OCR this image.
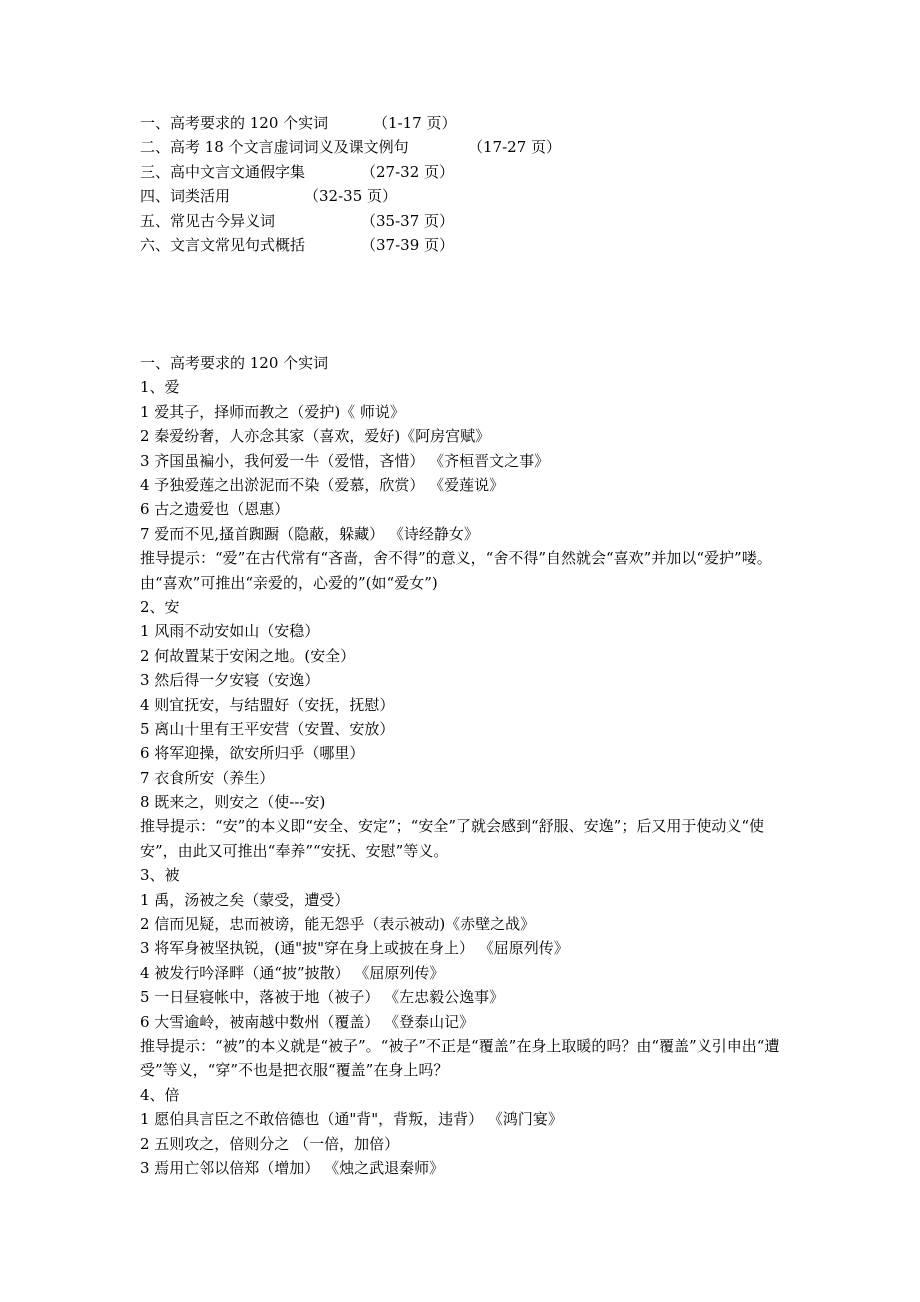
一、高考要求的 120 个实词	（1-17 页）
二、高考 18 个文言虚词词义及课文例句	（17-27 页）
三、高中文言文通假字集	（27-32 页）
四、词类活用	（32-35 页）
五、常见古今异义词	（35-37 页）
六、文言文常见句式概括	（37-39 页）
一、高考要求的 120 个实词
1、爱
1 爱其子，择师而教之（爱护)《 师说》
2 秦爱纷奢，人亦念其家（喜欢，爱好)《阿房宫赋》
3 齐国虽褊小，我何爱一牛（爱惜，吝惜） 《齐桓晋文之事》
4 予独爱莲之出淤泥而不染（爱慕，欣赏） 《爱莲说》
6 古之遗爱也（恩惠）
7 爱而不见,搔首踟蹰（隐蔽，躲藏） 《诗经静女》
推导提示：“爱”在古代常有“吝啬，舍不得”的意义，“舍不得”自然就会“喜欢”并加以“爱护”喽。由“喜欢”可推出“亲爱的，心爱的”(如“爱女”)
2、安
1 风雨不动安如山（安稳）
2 何故置某于安闲之地。(安全）
3 然后得一夕安寝（安逸）
4 则宜抚安，与结盟好（安抚，抚慰）
5 离山十里有王平安营（安置、安放）
6 将军迎操，欲安所归乎（哪里）
7 衣食所安（养生）
8 既来之，则安之（使---安)
推导提示：“安”的本义即“安全、安定”；“安全”了就会感到“舒服、安逸”；后又用于使动义“使安”，由此又可推出“奉养”“安抚、安慰”等义。
3、被
1 禹，汤被之矣（蒙受，遭受）
2 信而见疑，忠而被谤，能无怨乎（表示被动)《赤壁之战》
3 将军身被坚执锐，(通"披"穿在身上或披在身上） 《屈原列传》
4 被发行吟泽畔（通“披”披散） 《屈原列传》
5 一日昼寝帐中，落被于地（被子） 《左忠毅公逸事》
6 大雪逾岭，被南越中数州（覆盖） 《登泰山记》
推导提示：“被”的本义就是“被子”。“被子”不正是“覆盖”在身上取暖的吗？由“覆盖”义引申出“遭受”等义，“穿”不也是把衣服“覆盖”在身上吗？
4、倍
1 愿伯具言臣之不敢倍德也（通"背"，背叛，违背） 《鸿门宴》
2 五则攻之，倍则分之 （一倍，加倍）
3 焉用亡邻以倍郑（增加） 《烛之武退秦师》
